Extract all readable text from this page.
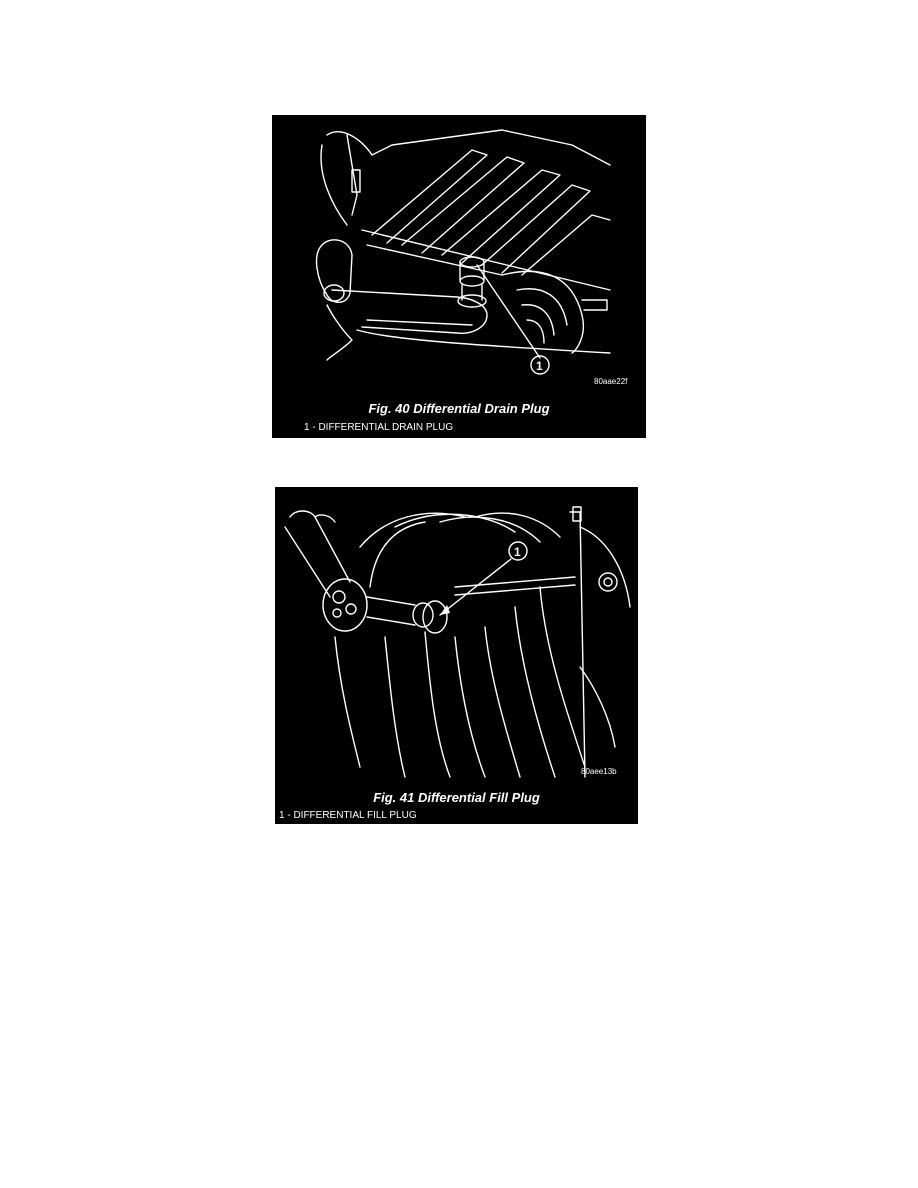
1
80aae22f
Fig. 40 Differential Drain Plug
1 - DIFFERENTIAL DRAIN PLUG
1
80aee13b
Fig. 41 Differential Fill Plug
1 - DIFFERENTIAL FILL PLUG
